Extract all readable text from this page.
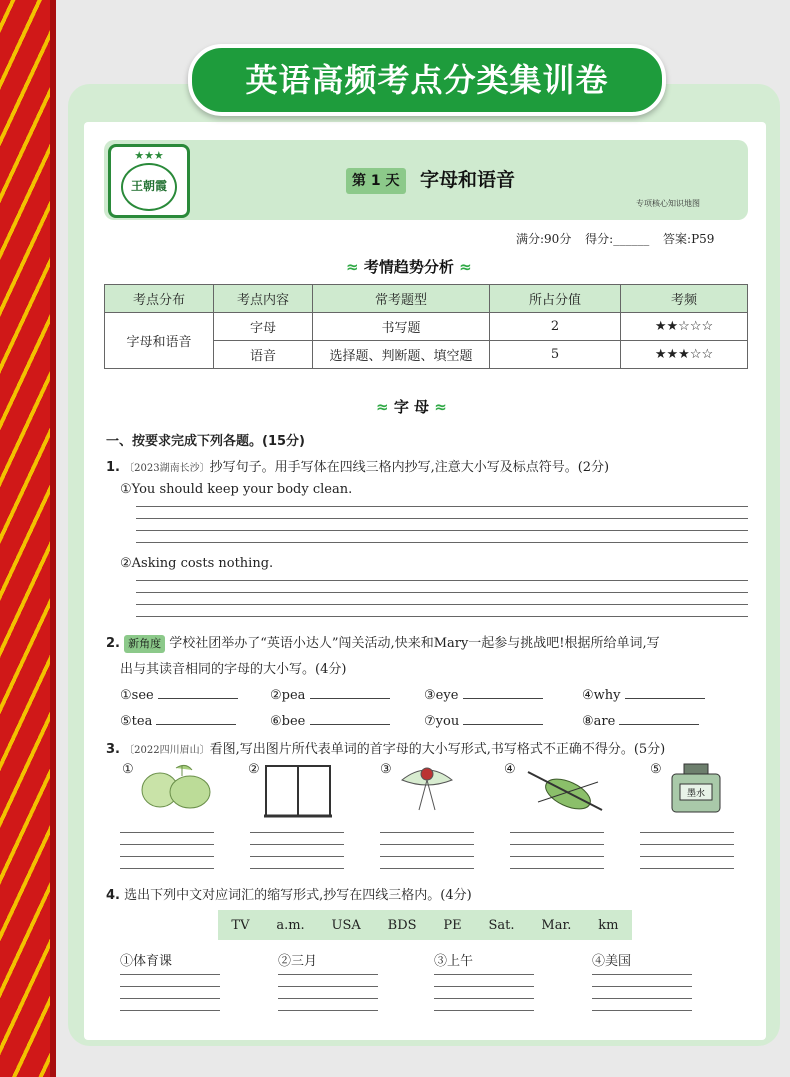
英语高频考点分类集训卷
★★★
王朝霞	第 1 天	字母和语音
专项核心知识地图
满分:90分 得分:______ 答案:P59
≈ 考情趋势分析 ≈
考点分布	考点内容	常考题型	所占分值	考频
字母和语音	字母	书写题	2	★★☆☆☆
	语音	选择题、判断题、填空题	5	★★★☆☆
≈ 字 母 ≈
一、按要求完成下列各题。(15分)
1. 〔2023湖南长沙〕抄写句子。用手写体在四线三格内抄写,注意大小写及标点符号。(2分)
①You should keep your body clean.
②Asking costs nothing.
2. 新角度 学校社团举办了“英语小达人”闯关活动,快来和Mary一起参与挑战吧!根据所给单词,写
出与其读音相同的字母的大小写。(4分)
①see	②pea	③eye	④why
⑤tea	⑥bee	⑦you	⑧are
3. 〔2022四川眉山〕看图,写出图片所代表单词的首字母的大小写形式,书写格式不正确不得分。(5分)
①	②	③	④	⑤
墨水
4. 选出下列中文对应词汇的缩写形式,抄写在四线三格内。(4分)
TV a.m. USA BDS PE Sat. Mar. km
①体育课	②三月	③上午	④美国
